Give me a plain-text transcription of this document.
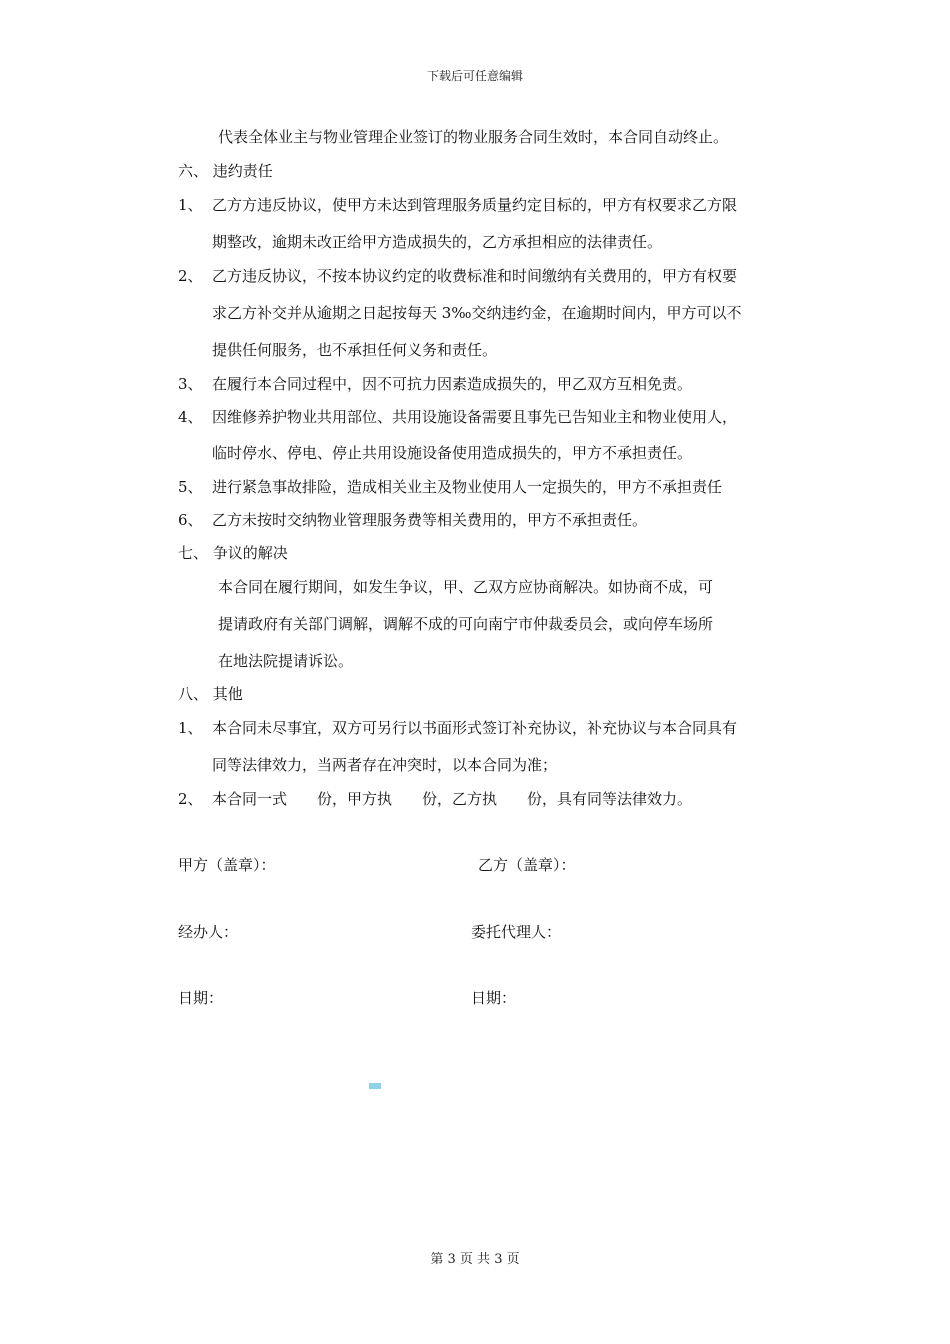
下载后可任意编辑
代表全体业主与物业管理企业签订的物业服务合同生效时，本合同自动终止。
六、 违约责任
1、 乙方方违反协议，使甲方未达到管理服务质量约定目标的，甲方有权要求乙方限
期整改，逾期未改正给甲方造成损失的，乙方承担相应的法律责任。
2、 乙方违反协议，不按本协议约定的收费标准和时间缴纳有关费用的，甲方有权要
求乙方补交并从逾期之日起按每天 3‰交纳违约金，在逾期时间内，甲方可以不
提供任何服务，也不承担任何义务和责任。
3、 在履行本合同过程中，因不可抗力因素造成损失的，甲乙双方互相免责。
4、 因维修养护物业共用部位、共用设施设备需要且事先已告知业主和物业使用人，
临时停水、停电、停止共用设施设备使用造成损失的，甲方不承担责任。
5、 进行紧急事故排险，造成相关业主及物业使用人一定损失的，甲方不承担责任
6、 乙方未按时交纳物业管理服务费等相关费用的，甲方不承担责任。
七、 争议的解决
本合同在履行期间，如发生争议，甲、乙双方应协商解决。如协商不成，可
提请政府有关部门调解，调解不成的可向南宁市仲裁委员会，或向停车场所
在地法院提请诉讼。
八、 其他
1、 本合同未尽事宜，双方可另行以书面形式签订补充协议，补充协议与本合同具有
同等法律效力，当两者存在冲突时，以本合同为准；
2、 本合同一式　　份，甲方执　　份，乙方执　　份，具有同等法律效力。
甲方（盖章）：	乙方（盖章）：
经办人：	委托代理人：
日期：	日期：
第 3 页 共 3 页
